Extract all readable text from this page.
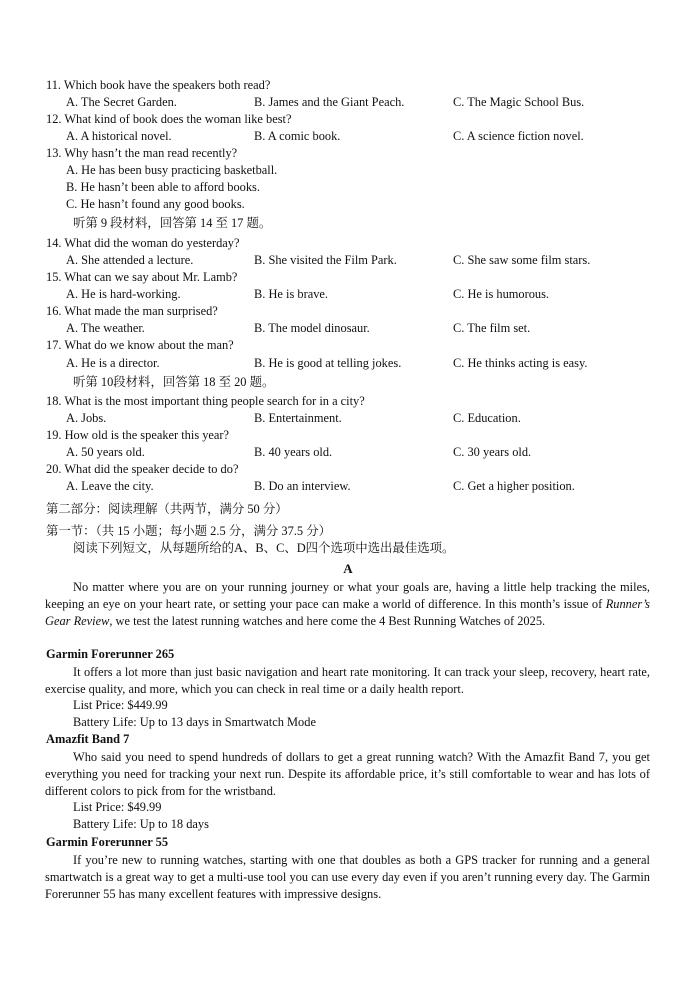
11. Which book have the speakers both read?
A. The Secret Garden.	B. James and the Giant Peach.	C. The Magic School Bus.
12. What kind of book does the woman like best?
A. A historical novel.	B. A comic book.	C. A science fiction novel.
13. Why hasn’t the man read recently?
A. He has been busy practicing basketball.
B. He hasn’t been able to afford books.
C. He hasn’t found any good books.
听第 9 段材料，回答第 14 至 17 题。
14. What did the woman do yesterday?
A. She attended a lecture.	B. She visited the Film Park.	C. She saw some film stars.
15. What can we say about Mr. Lamb?
A. He is hard-working.	B. He is brave.	C. He is humorous.
16. What made the man surprised?
A. The weather.	B. The model dinosaur.	C. The film set.
17. What do we know about the man?
A. He is a director.	B. He is good at telling jokes.	C. He thinks acting is easy.
听第 10段材料，回答第 18 至 20 题。
18. What is the most important thing people search for in a city?
A. Jobs.	B. Entertainment.	C. Education.
19. How old is the speaker this year?
A. 50 years old.	B. 40 years old.	C. 30 years old.
20. What did the speaker decide to do?
A. Leave the city.	B. Do an interview.	C. Get a higher position.
第二部分：阅读理解（共两节，满分 50 分）
第一节：（共 15 小题；每小题 2.5 分，满分 37.5 分）
阅读下列短文，从每题所给的A、B、C、D四个选项中选出最佳选项。
A
No matter where you are on your running journey or what your goals are, having a little help tracking the miles, keeping an eye on your heart rate, or setting your pace can make a world of difference. In this month’s issue of Runner’s Gear Review, we test the latest running watches and here come the 4 Best Running Watches of 2025.
Garmin Forerunner 265
It offers a lot more than just basic navigation and heart rate monitoring. It can track your sleep, recovery, heart rate, exercise quality, and more, which you can check in real time or a daily health report.
List Price: $449.99
Battery Life: Up to 13 days in Smartwatch Mode
Amazfit Band 7
Who said you need to spend hundreds of dollars to get a great running watch? With the Amazfit Band 7, you get everything you need for tracking your next run. Despite its affordable price, it’s still comfortable to wear and has lots of different colors to pick from for the wristband.
List Price: $49.99
Battery Life: Up to 18 days
Garmin Forerunner 55
If you’re new to running watches, starting with one that doubles as both a GPS tracker for running and a general smartwatch is a great way to get a multi-use tool you can use every day even if you aren’t running every day. The Garmin Forerunner 55 has many excellent features with impressive designs.
